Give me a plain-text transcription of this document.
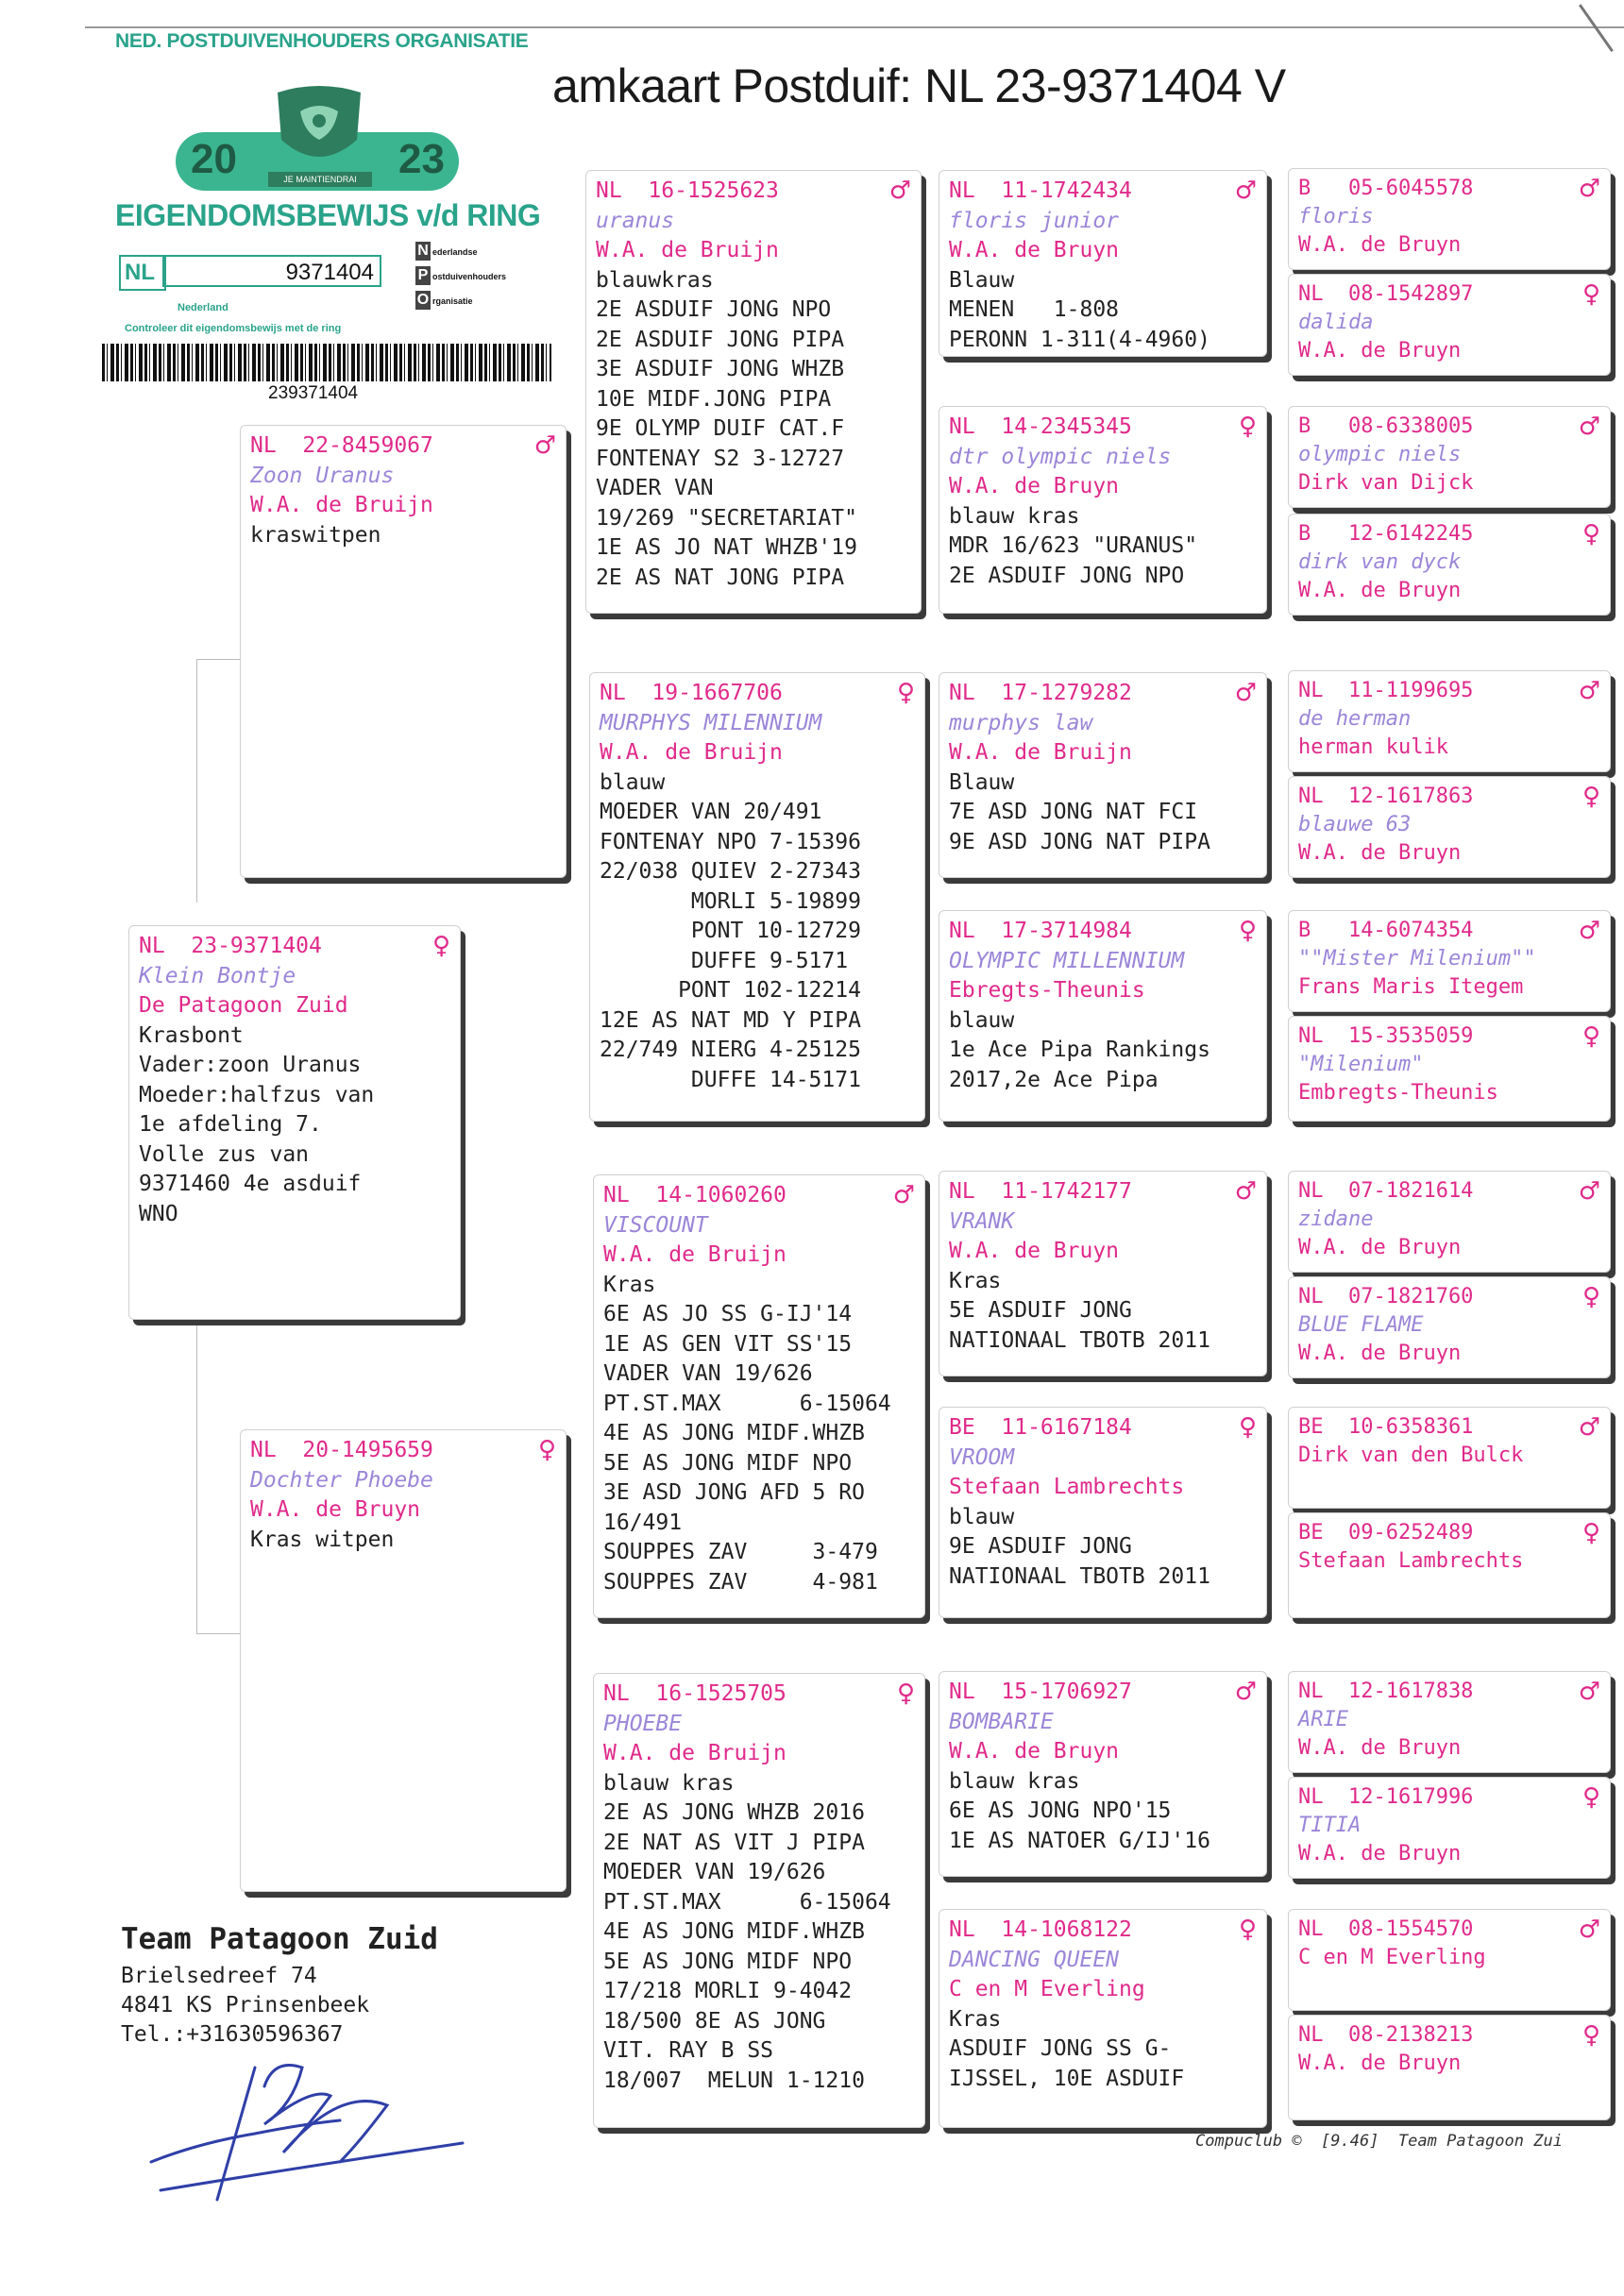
amkaart Postduif: NL 23-9371404 V
NED. POSTDUIVENHOUDERS ORGANISATIE
20	23
JE MAINTIENDRAI
EIGENDOMSBEWIJS v/d RING
NL	9371404
N ederlandse
P ostduivenhouders
O rganisatie
Nederland
Controleer dit eigendomsbewijs met de ring
239371404
NL  23-9371404	♀
Klein Bontje
De Patagoon Zuid
Krasbont
Vader:zoon Uranus
Moeder:halfzus van
1e afdeling 7.
Volle zus van
9371460 4e asduif
WNO
NL  22-8459067	♂
Zoon Uranus
W.A. de Bruijn
kraswitpen
NL  20-1495659	♀
Dochter Phoebe
W.A. de Bruyn
Kras witpen
NL  16-1525623	♂
uranus
W.A. de Bruijn
blauwkras
2E ASDUIF JONG NPO
2E ASDUIF JONG PIPA
3E ASDUIF JONG WHZB
10E MIDF.JONG PIPA
9E OLYMP DUIF CAT.F
FONTENAY S2 3-12727
VADER VAN
19/269 "SECRETARIAT"
1E AS JO NAT WHZB'19
2E AS NAT JONG PIPA
NL  19-1667706	♀
MURPHYS MILENNIUM
W.A. de Bruijn
blauw
MOEDER VAN 20/491
FONTENAY NPO 7-15396
22/038 QUIEV 2-27343
MORLI 5-19899
PONT 10-12729
DUFFE 9-5171
PONT 102-12214
12E AS NAT MD Y PIPA
22/749 NIERG 4-25125
DUFFE 14-5171
NL  14-1060260	♂
VISCOUNT
W.A. de Bruijn
Kras
6E AS JO SS G-IJ'14
1E AS GEN VIT SS'15
VADER VAN 19/626
PT.ST.MAX      6-15064
4E AS JONG MIDF.WHZB
5E AS JONG MIDF NPO
3E ASD JONG AFD 5 RO
16/491
SOUPPES ZAV     3-479
SOUPPES ZAV     4-981
NL  16-1525705	♀
PHOEBE
W.A. de Bruijn
blauw kras
2E AS JONG WHZB 2016
2E NAT AS VIT J PIPA
MOEDER VAN 19/626
PT.ST.MAX      6-15064
4E AS JONG MIDF.WHZB
5E AS JONG MIDF NPO
17/218 MORLI 9-4042
18/500 8E AS JONG
VIT. RAY B SS
18/007  MELUN 1-1210
NL  11-1742434	♂
floris junior
W.A. de Bruyn
Blauw
MENEN   1-808
PERONN 1-311(4-4960)
NL  14-2345345	♀
dtr olympic niels
W.A. de Bruyn
blauw kras
MDR 16/623 "URANUS"
2E ASDUIF JONG NPO
NL  17-1279282	♂
murphys law
W.A. de Bruijn
Blauw
7E ASD JONG NAT FCI
9E ASD JONG NAT PIPA
NL  17-3714984	♀
OLYMPIC MILLENNIUM
Ebregts-Theunis
blauw
1e Ace Pipa Rankings
2017,2e Ace Pipa
NL  11-1742177	♂
VRANK
W.A. de Bruyn
Kras
5E ASDUIF JONG
NATIONAAL TBOTB 2011
BE  11-6167184	♀
VROOM
Stefaan Lambrechts
blauw
9E ASDUIF JONG
NATIONAAL TBOTB 2011
NL  15-1706927	♂
BOMBARIE
W.A. de Bruyn
blauw kras
6E AS JONG NPO'15
1E AS NATOER G/IJ'16
NL  14-1068122	♀
DANCING QUEEN
C en M Everling
Kras
ASDUIF JONG SS G-
IJSSEL, 10E ASDUIF
B   05-6045578	♂
floris
W.A. de Bruyn
NL  08-1542897	♀
dalida
W.A. de Bruyn
B   08-6338005	♂
olympic niels
Dirk van Dijck
B   12-6142245	♀
dirk van dyck
W.A. de Bruyn
NL  11-1199695	♂
de herman
herman kulik
NL  12-1617863	♀
blauwe 63
W.A. de Bruyn
B   14-6074354	♂
""Mister Milenium""
Frans Maris Itegem
NL  15-3535059	♀
"Milenium"
Embregts-Theunis
NL  07-1821614	♂
zidane
W.A. de Bruyn
NL  07-1821760	♀
BLUE FLAME
W.A. de Bruyn
BE  10-6358361	♂
Dirk van den Bulck
BE  09-6252489	♀
Stefaan Lambrechts
NL  12-1617838	♂
ARIE
W.A. de Bruyn
NL  12-1617996	♀
TITIA
W.A. de Bruyn
NL  08-1554570	♂
C en M Everling
NL  08-2138213	♀
W.A. de Bruyn

Team Patagoon Zuid

Brielsedreef 74

4841 KS Prinsenbeek

Tel.:+31630596367

Compuclub ©  [9.46]  Team Patagoon Zui
